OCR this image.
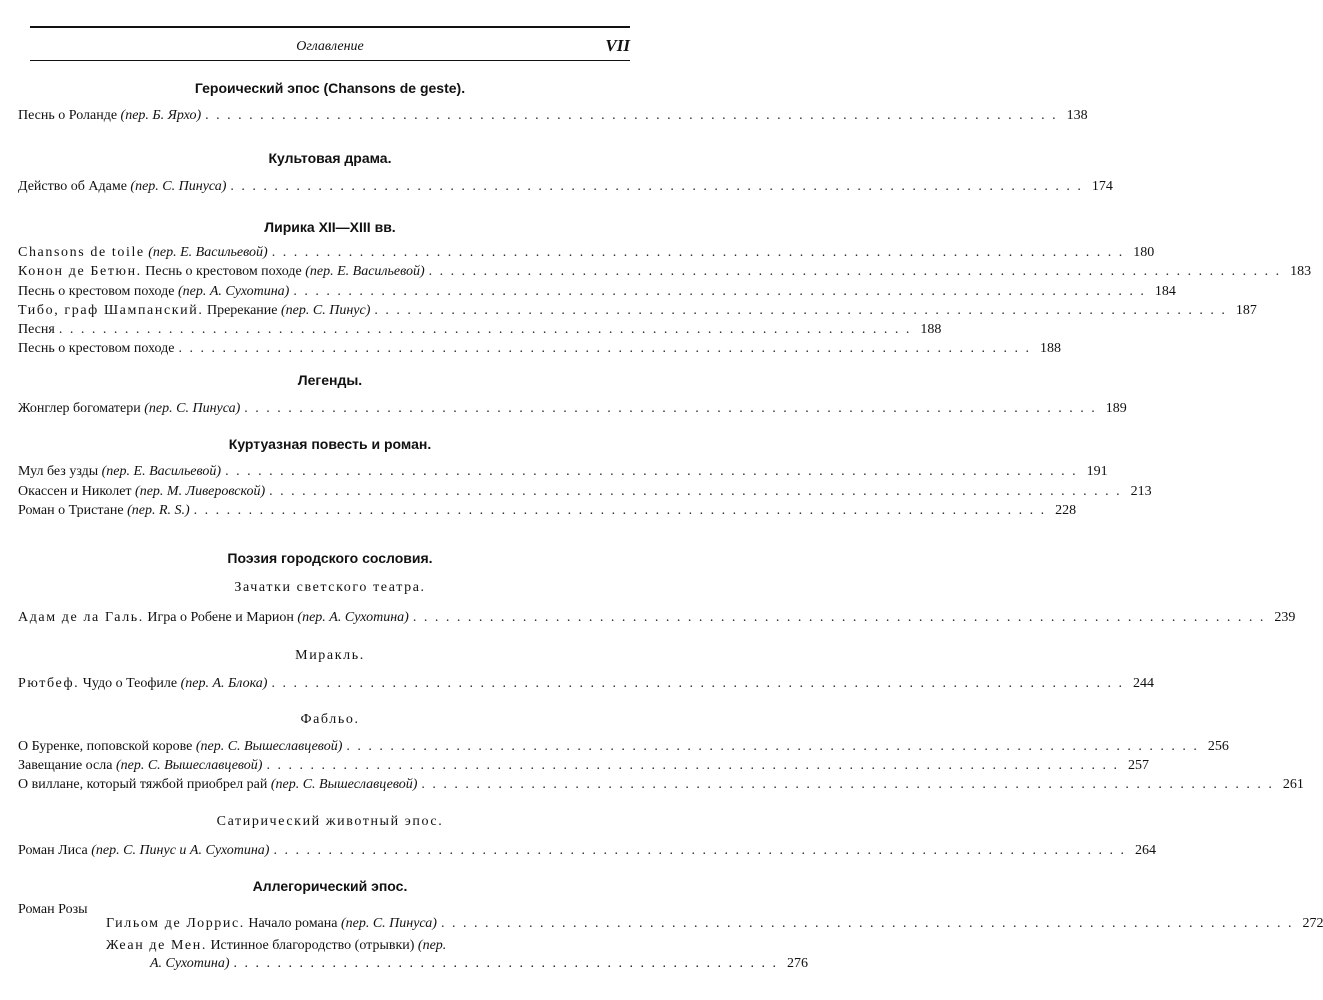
Оглавление	VII
Героический эпос (Chansons de geste).
Песнь о Роланде (пер. Б. Ярхо) . . .	138
Культовая драма.
Действо об Адаме (пер. С. Пинуса) . . .	174
Лирика XII—XIII вв.
Chansons de toile (пер. Е. Васильевой) . . .	180
Конон де Бетюн. Песнь о крестовом походе (пер. Е. Васильевой) . . .	183
Песнь о крестовом походе (пер. А. Сухотина) . . .	184
Тибо, граф Шампанский. Пререкание (пер. С. Пинус) . . .	187
Песня . . .	188
Песнь о крестовом походе . . .	188
Легенды.
Жонглер богоматери (пер. С. Пинуса) . . .	189
Куртуазная повесть и роман.
Мул без узды (пер. Е. Васильевой) . . .	191
Окассен и Николет (пер. М. Ливеровской) . . .	213
Роман о Тристане (пер. R. S.) . . .	228
Поэзия городского сословия.
Зачатки светского театра.
Адам де ла Галь. Игра о Робене и Марион (пер. А. Сухотина) . . .	239
Миракль.
Рютбеф. Чудо о Теофиле (пер. А. Блока) . . .	244
Фабльо.
О Буренке, поповской корове (пер. С. Вышеславцевой) . . .	256
Завещание осла (пер. С. Вышеславцевой) . . .	257
О виллане, который тяжбой приобрел рай (пер. С. Вышеславцевой) . . .	261
Сатирический животный эпос.
Роман Лиса (пер. С. Пинус и А. Сухотина) . . .	264
Аллегорический эпос.
Роман Розы
Гильом де Лоррис. Начало романа (пер. С. Пинуса) . . .	272
Жеан де Мен. Истинное благородство (отрывки) (пер.
А. Сухотина) . . . . . . . . . . . . . . . . . . . . . . . . . . . . . . . . . . . . . . . . . . . . . . . . . . 276
